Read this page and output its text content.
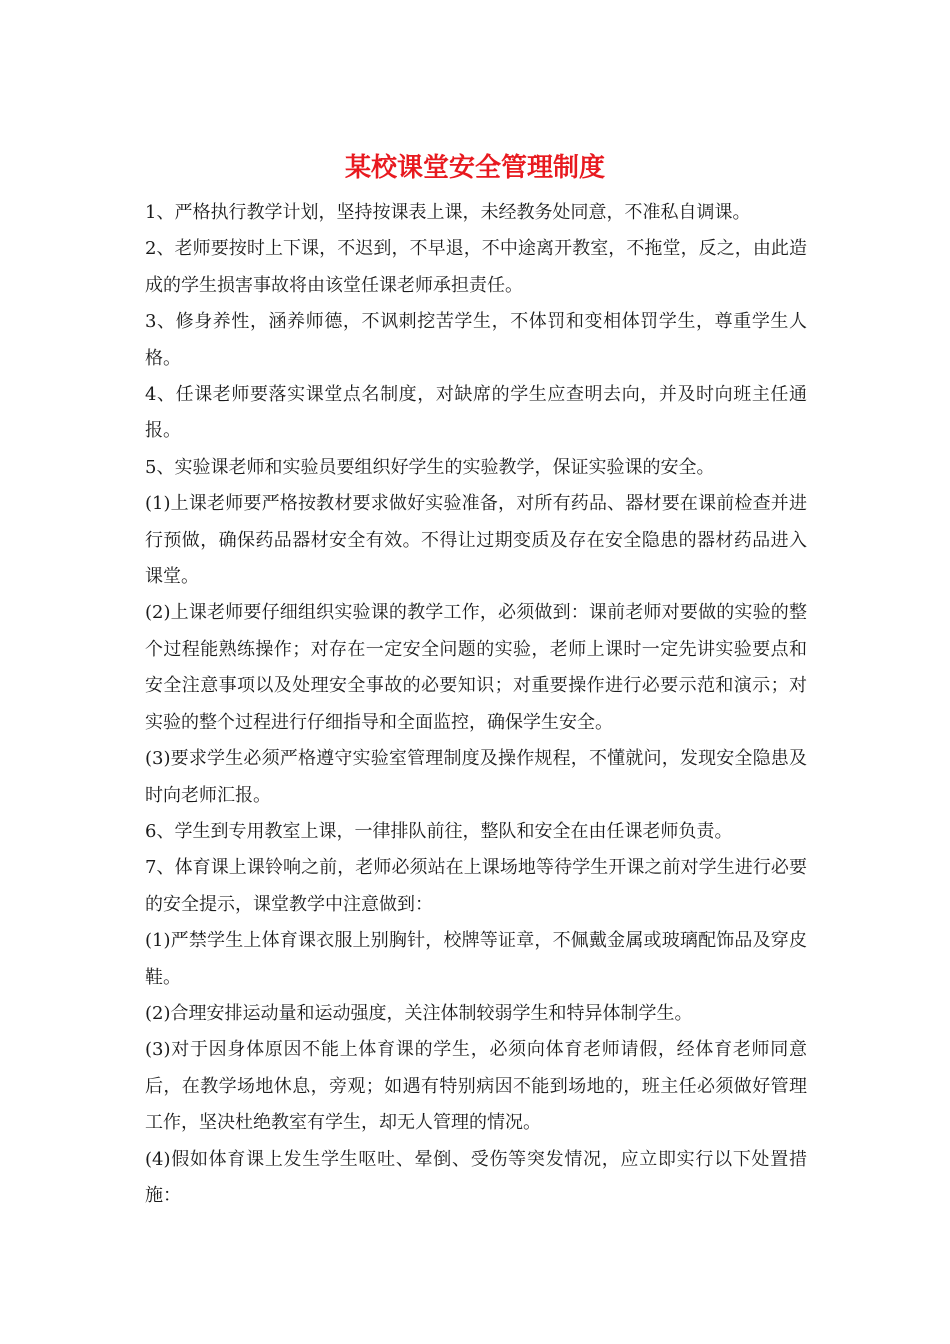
某校课堂安全管理制度

1、严格执行教学计划，坚持按课表上课，未经教务处同意，不准私自调课。

2、老师要按时上下课，不迟到，不早退，不中途离开教室，不拖堂，反之，由此造成的学生损害事故将由该堂任课老师承担责任。

3、修身养性，涵养师德，不讽刺挖苦学生，不体罚和变相体罚学生，尊重学生人格。

4、任课老师要落实课堂点名制度，对缺席的学生应查明去向，并及时向班主任通报。

5、实验课老师和实验员要组织好学生的实验教学，保证实验课的安全。

(1)上课老师要严格按教材要求做好实验准备，对所有药品、器材要在课前检查并进行预做，确保药品器材安全有效。不得让过期变质及存在安全隐患的器材药品进入课堂。

(2)上课老师要仔细组织实验课的教学工作，必须做到：课前老师对要做的实验的整个过程能熟练操作；对存在一定安全问题的实验，老师上课时一定先讲实验要点和安全注意事项以及处理安全事故的必要知识；对重要操作进行必要示范和演示；对实验的整个过程进行仔细指导和全面监控，确保学生安全。

(3)要求学生必须严格遵守实验室管理制度及操作规程，不懂就问，发现安全隐患及时向老师汇报。

6、学生到专用教室上课，一律排队前往，整队和安全在由任课老师负责。

7、体育课上课铃响之前，老师必须站在上课场地等待学生开课之前对学生进行必要的安全提示，课堂教学中注意做到：

(1)严禁学生上体育课衣服上别胸针，校牌等证章，不佩戴金属或玻璃配饰品及穿皮鞋。

(2)合理安排运动量和运动强度，关注体制较弱学生和特异体制学生。

(3)对于因身体原因不能上体育课的学生，必须向体育老师请假，经体育老师同意后，在教学场地休息，旁观；如遇有特别病因不能到场地的，班主任必须做好管理工作，坚决杜绝教室有学生，却无人管理的情况。

(4)假如体育课上发生学生呕吐、晕倒、受伤等突发情况，应立即实行以下处置措施：
